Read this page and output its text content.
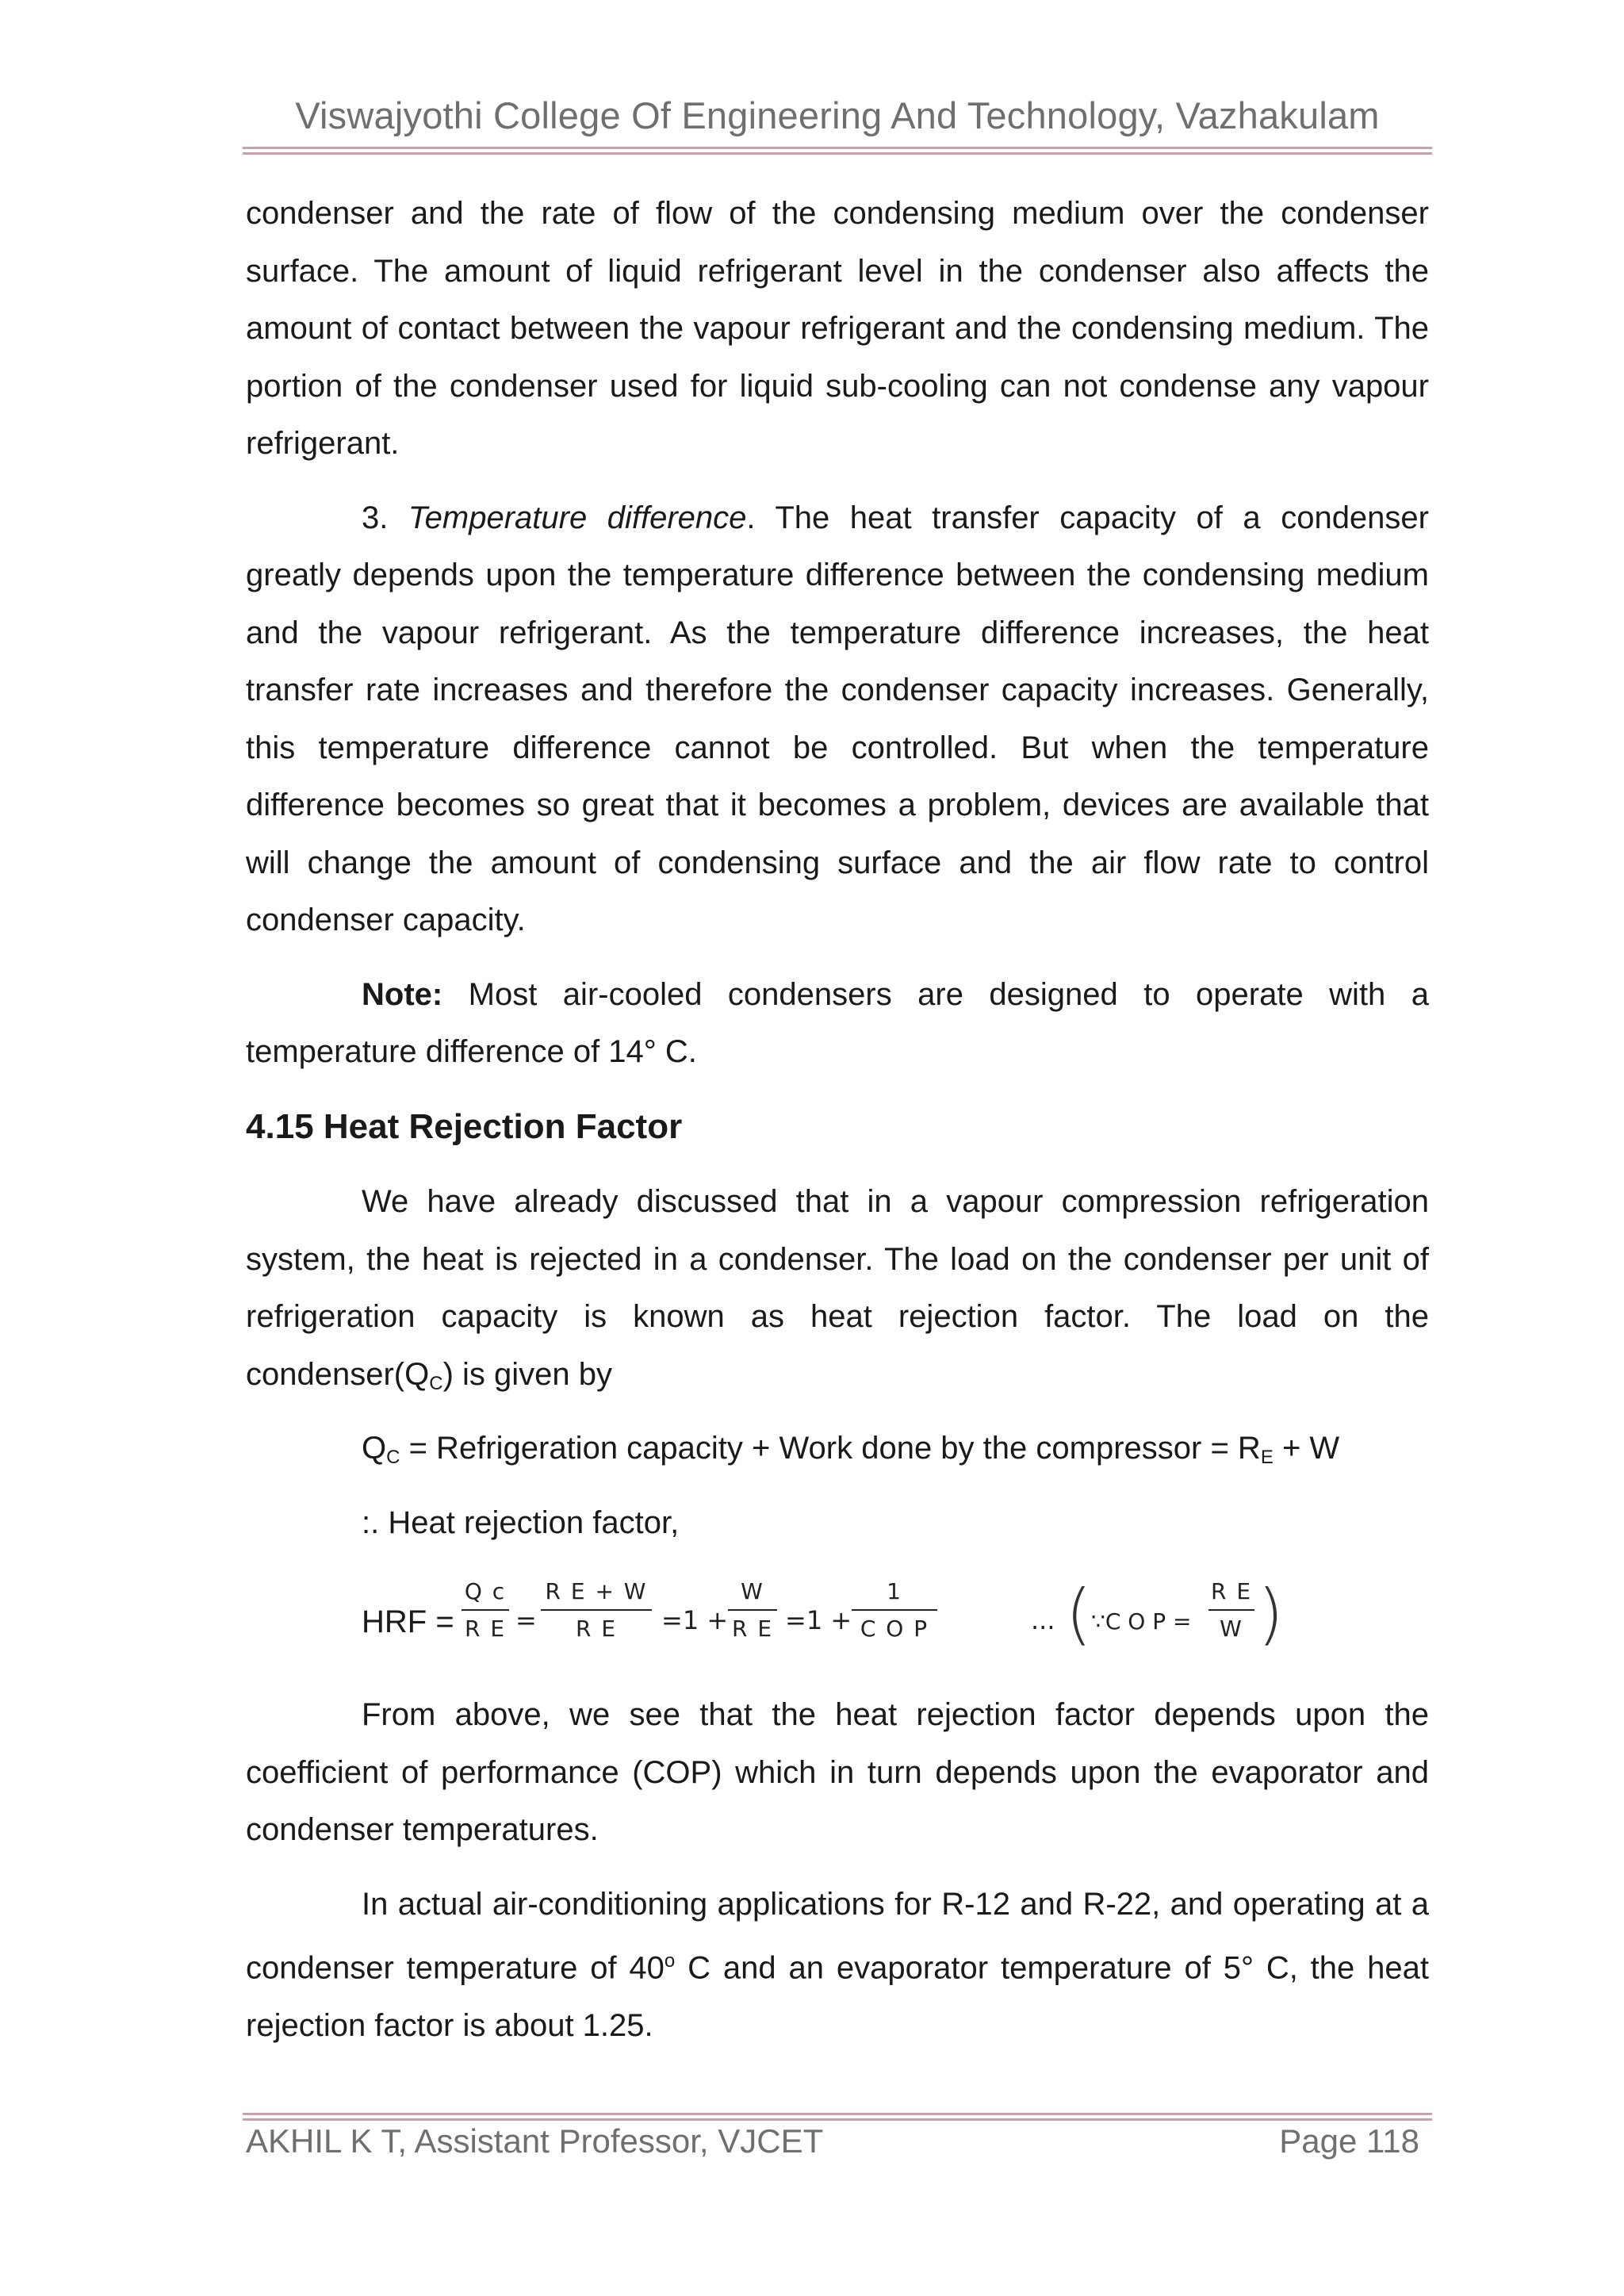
Viswajyothi College Of Engineering And Technology, Vazhakulam

condenser and the rate of flow of the condensing medium over the condenser surface. The amount of liquid refrigerant level in the condenser also affects the amount of contact between the vapour refrigerant and the condensing medium. The portion of the condenser used for liquid sub-cooling can not condense any vapour refrigerant.

3. Temperature difference. The heat transfer capacity of a condenser greatly depends upon the temperature difference between the condensing medium and the vapour refrigerant. As the temperature difference increases, the heat transfer rate increases and therefore the condenser capacity increases. Generally, this temperature difference cannot be controlled. But when the temperature difference becomes so great that it becomes a problem, devices are available that will change the amount of condensing surface and the air flow rate to control condenser capacity.

Note: Most air-cooled condensers are designed to operate with a temperature difference of 14° C.

4.15 Heat Rejection Factor

We have already discussed that in a vapour compression refrigeration system, the heat is rejected in a condenser. The load on the condenser per unit of refrigeration capacity is known as heat rejection factor. The load on the $condenser(Q_C)$ is given by

$Q_C$ = Refrigeration capacity + Work done by the compressor = $R_E + W$

:. Heat rejection factor,

From above, we see that the heat rejection factor depends upon the coefficient of performance (COP) which in turn depends upon the evaporator and condenser temperatures.

In actual air-conditioning applications for R-12 and R-22, and operating at a condenser temperature of 40$^o$ C and an evaporator temperature of 5° C, the heat rejection factor is about 1.25.

HRF =
Q c
R E =
R E + W
R E	=1 +
W
R E =1 +
1
C O P	... ( ∵C O P =
R E
W )
AKHIL K T, Assistant Professor, VJCET	Page 118
